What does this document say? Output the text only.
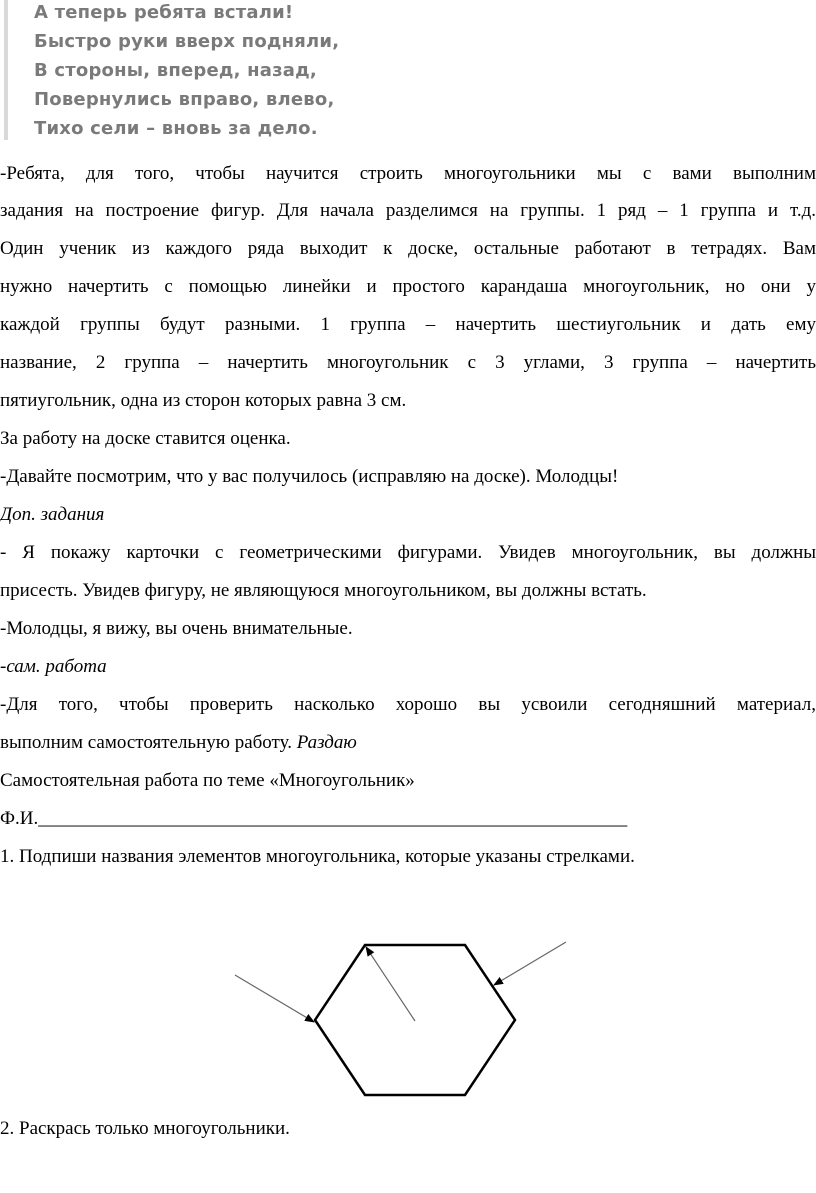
А теперь ребята встали!
Быстро руки вверх подняли,
В стороны, вперед, назад,
Повернулись вправо, влево,
Тихо сели – вновь за дело.
-Ребята, для того, чтобы научится строить многоугольники мы с вами выполним
задания на построение фигур. Для начала разделимся на группы. 1 ряд – 1 группа и т.д.
Один ученик из каждого ряда выходит к доске, остальные работают в тетрадях. Вам
нужно начертить с помощью линейки и простого карандаша многоугольник, но они у
каждой группы будут разными. 1 группа – начертить шестиугольник и дать ему
название, 2 группа – начертить многоугольник с 3 углами, 3 группа – начертить
пятиугольник, одна из сторон которых равна 3 см.
За работу на доске ставится оценка.
-Давайте посмотрим, что у вас получилось (исправляю на доске). Молодцы!
Доп. задания
- Я покажу карточки с геометрическими фигурами. Увидев многоугольник, вы должны
присесть. Увидев фигуру, не являющуюся многоугольником, вы должны встать.
-Молодцы, я вижу, вы очень внимательные.
-сам. работа
-Для того, чтобы проверить насколько хорошо вы усвоили сегодняшний материал,
выполним самостоятельную работу. Раздаю
Самостоятельная работа по теме «Многоугольник»
Ф.И.______________________________________________________________
1. Подпиши названия элементов многоугольника, которые указаны стрелками.
2. Раскрась только многоугольники.
